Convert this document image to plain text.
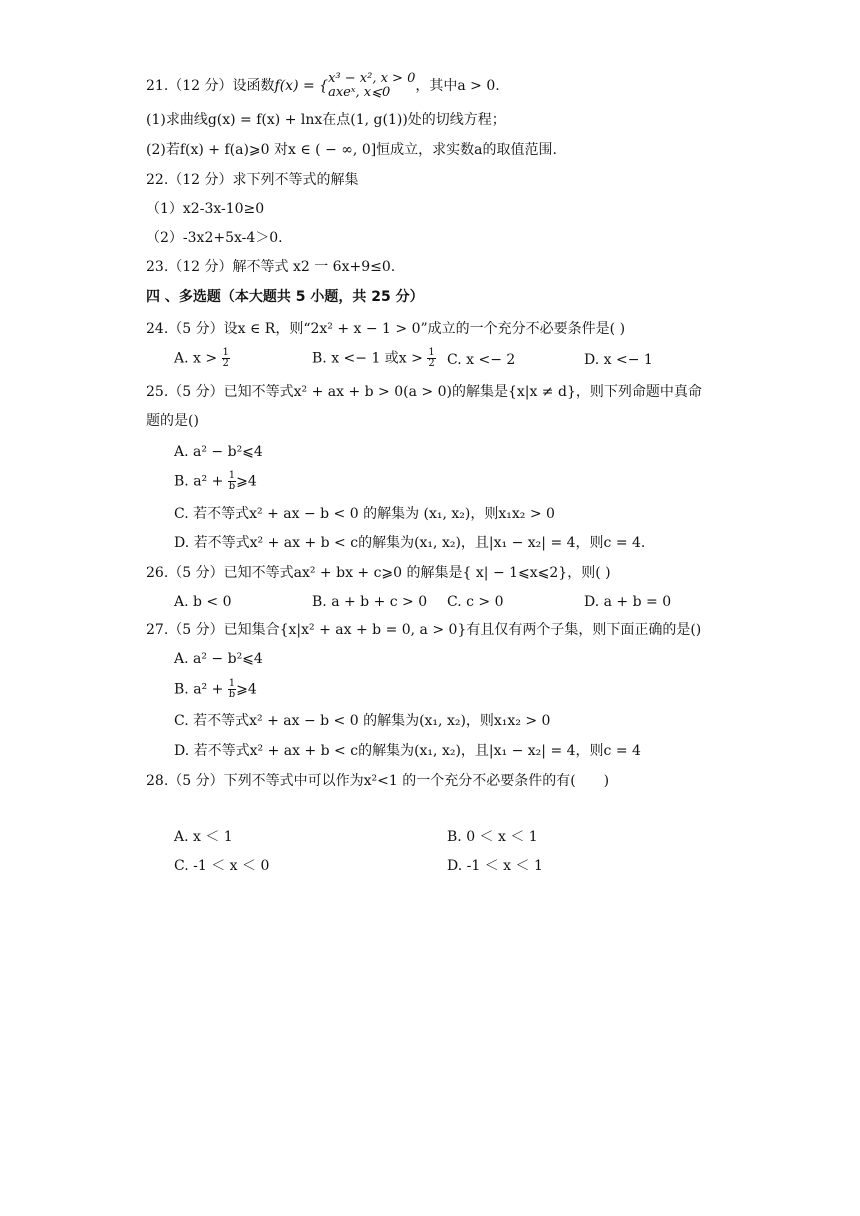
21.（12 分）设函数f(x) = { x³ − x², x > 0
axeˣ, x⩽0	，其中a > 0.
(1)求曲线g(x) = f(x) + lnx在点(1, g(1))处的切线方程；
(2)若f(x) + f(a)⩾0 对x ∈ ( − ∞, 0]恒成立，求实数a的取值范围.
22.（12 分）求下列不等式的解集
（1）x2-3x-10≥0
（2）-3x2+5x-4＞0.
23.（12 分）解不等式 x2 一 6x+9≤0.
四 、多选题（本大题共 5 小题，共 25 分）
24.（5 分）设x ∈ R，则“2x² + x − 1 > 0”成立的一个充分不必要条件是( )
A. $x > \frac{1}{2}$	B. x <− 1 或$x > \frac{1}{2} C$. x <− 2	D. x <− 1
25.（5 分）已知不等式x² + ax + b > 0(a > 0)的解集是{x|x ≠ d}，则下列命题中真命
题的是()
A. a² − b²⩽4
B. $a^2 + \frac{1}{b}$ ⩾4
C. 若不等式x² + ax − b < 0 的解集为 (x₁, x₂)，则x₁x₂ > 0
D. 若不等式x² + ax + b < c的解集为(x₁, x₂)，且|x₁ − x₂| = 4，则c = 4.
26.（5 分）已知不等式ax² + bx + c⩾0 的解集是{ x| − 1⩽x⩽2}，则( )
A. b < 0	B. a + b + c > 0 C. c > 0	D. a + b = 0
27.（5 分）已知集合{x|x² + ax + b = 0, a > 0}有且仅有两个子集，则下面正确的是()
A. a² − b²⩽4
B. $a^2 + \frac{1}{b}$ ⩾4
C. 若不等式x² + ax − b < 0 的解集为(x₁, x₂)，则x₁x₂ > 0
D. 若不等式x² + ax + b < c的解集为(x₁, x₂)，且|x₁ − x₂| = 4，则c = 4
28.（5 分）下列不等式中可以作为x²<1 的一个充分不必要条件的有(　　)
A. x ＜ 1	B. 0 ＜ x ＜ 1
C. -1 ＜ x ＜ 0	D. -1 ＜ x ＜ 1
